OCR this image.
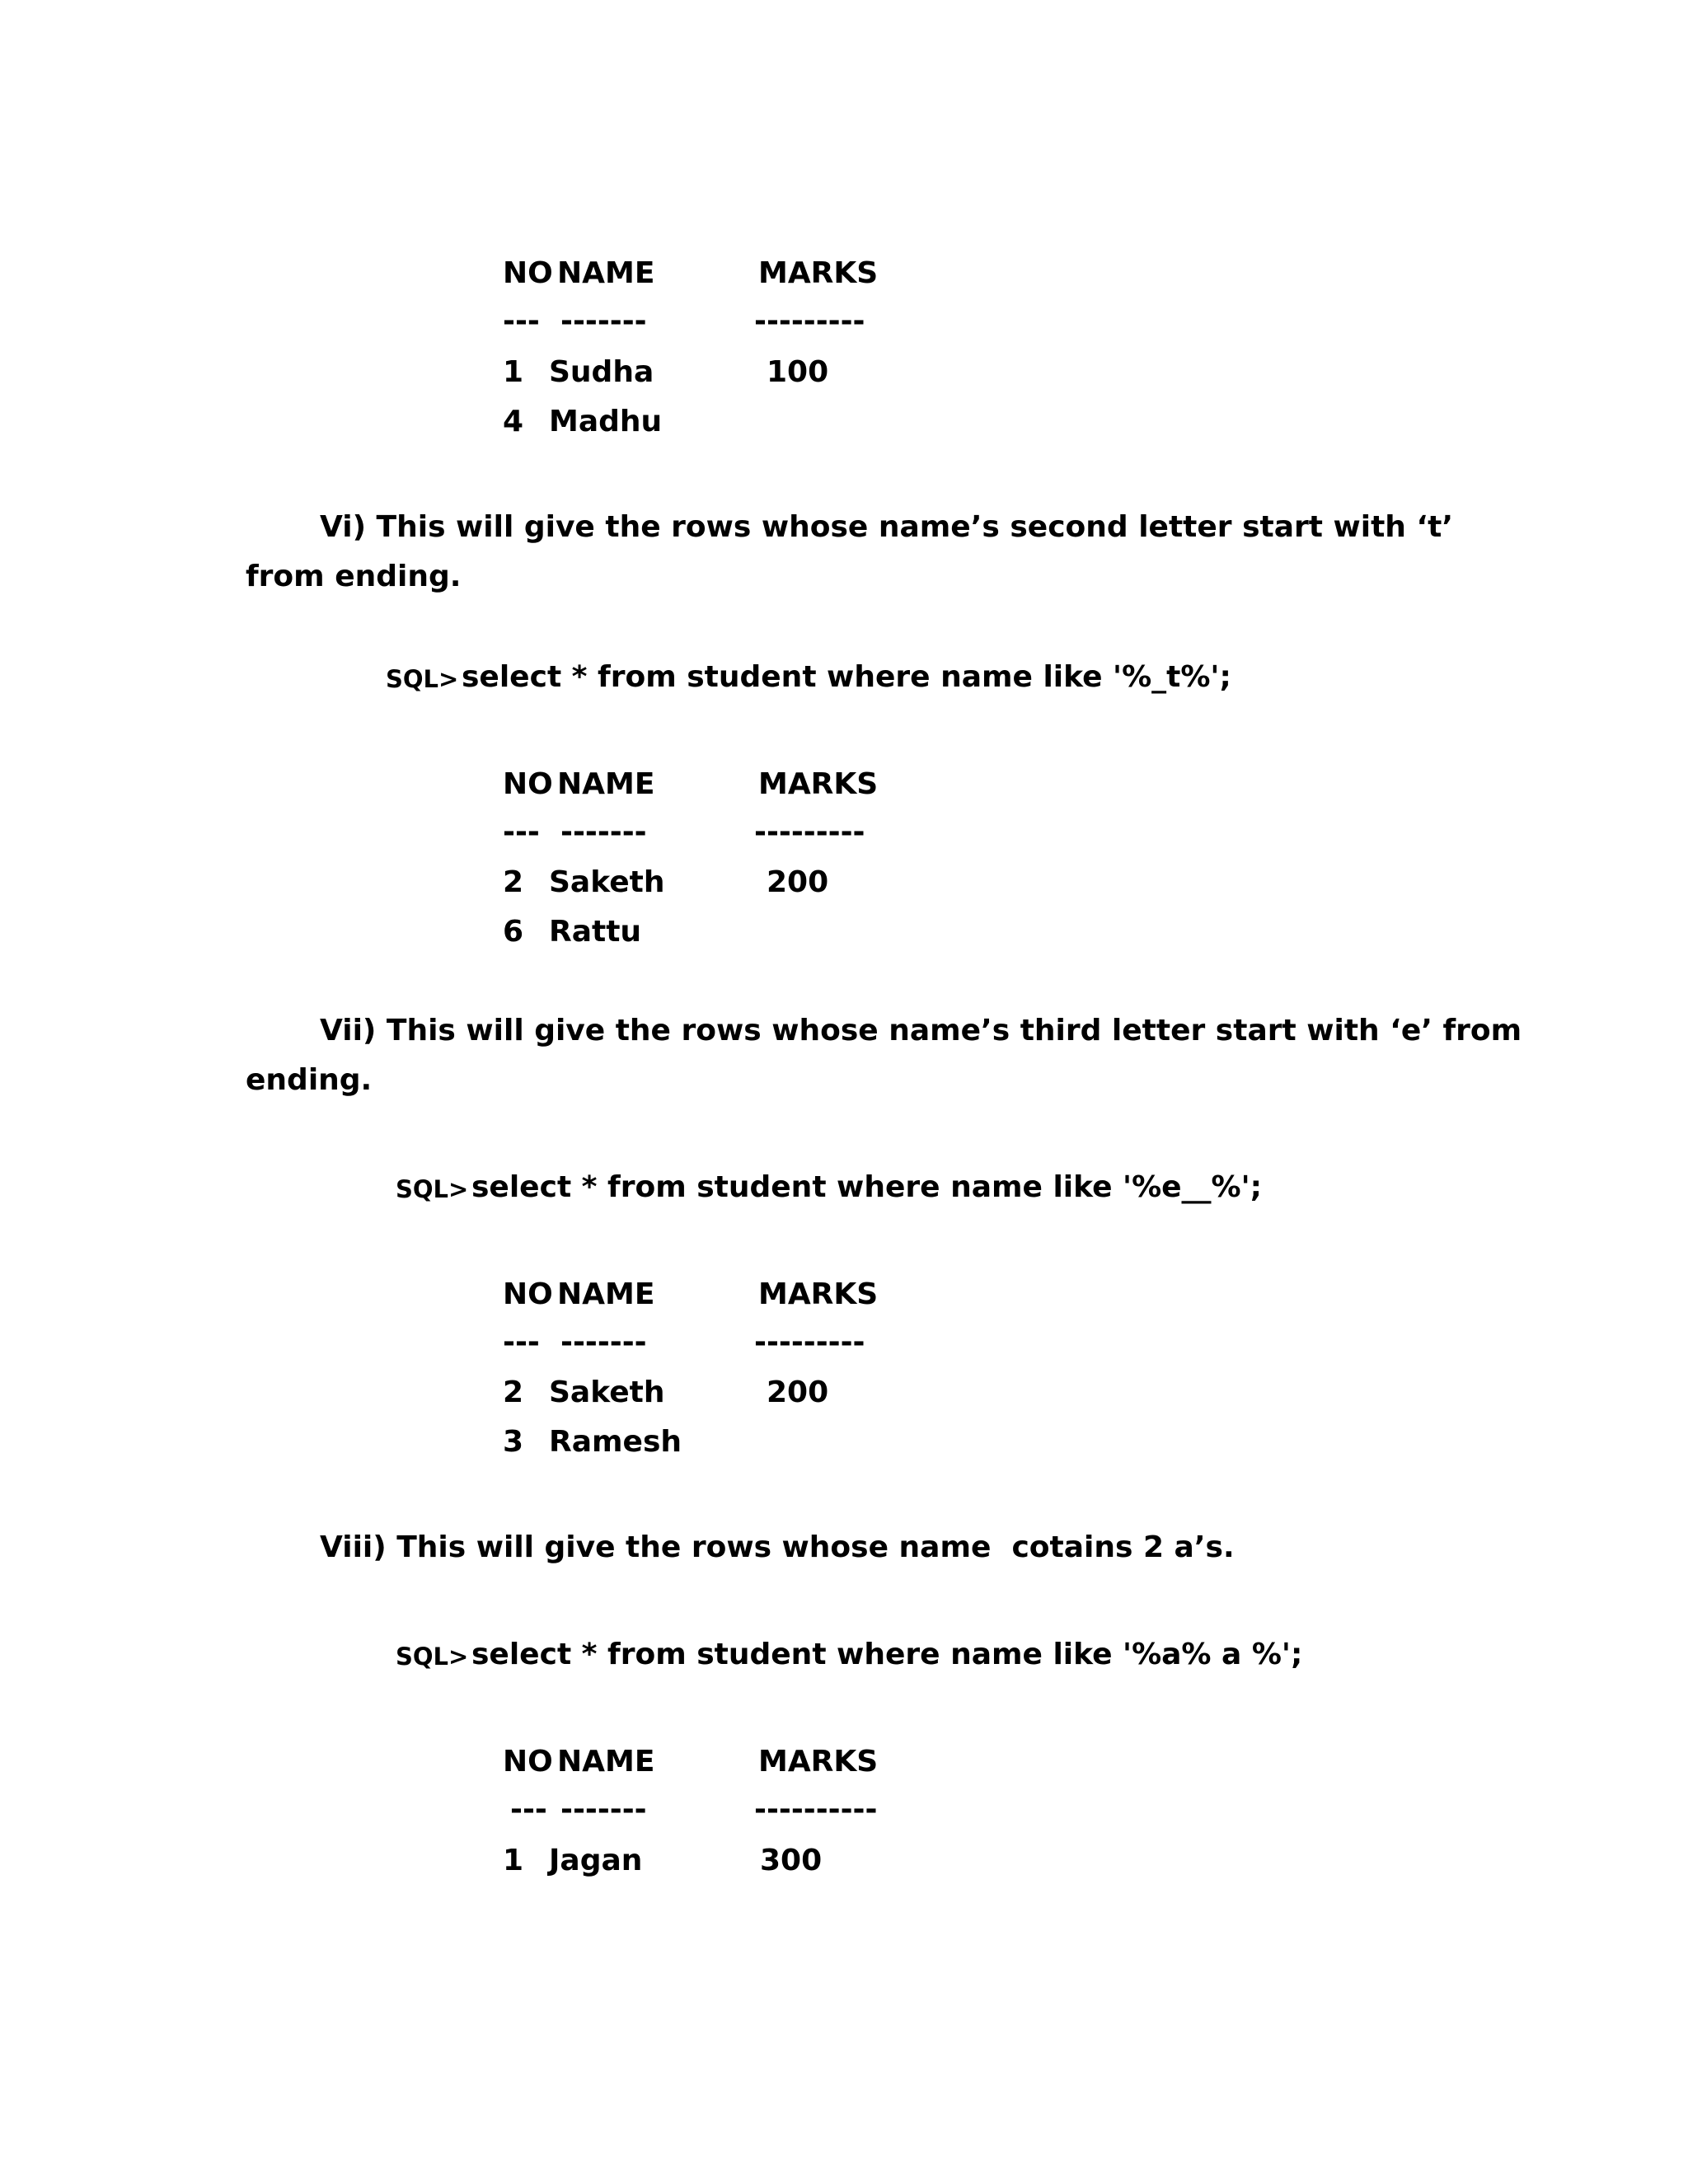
NO NAME	MARKS
--- -------	---------
1 Sudha	100
4 Madhu
Vi) This will give the rows whose name’s second letter start with ‘t’
from ending.
SQL> select * from student where name like '%_t%';
NO NAME	MARKS
--- -------	---------
2 Saketh	200
6 Rattu
Vii) This will give the rows whose name’s third letter start with ‘e’ from
ending.
SQL> select * from student where name like '%e__%';
NO NAME	MARKS
--- -------	---------
2 Saketh	200
3 Ramesh
Viii) This will give the rows whose name  cotains 2 a’s.
SQL> select * from student where name like '%a% a %';
NO NAME	MARKS
--- -------	----------
1 Jagan	300
